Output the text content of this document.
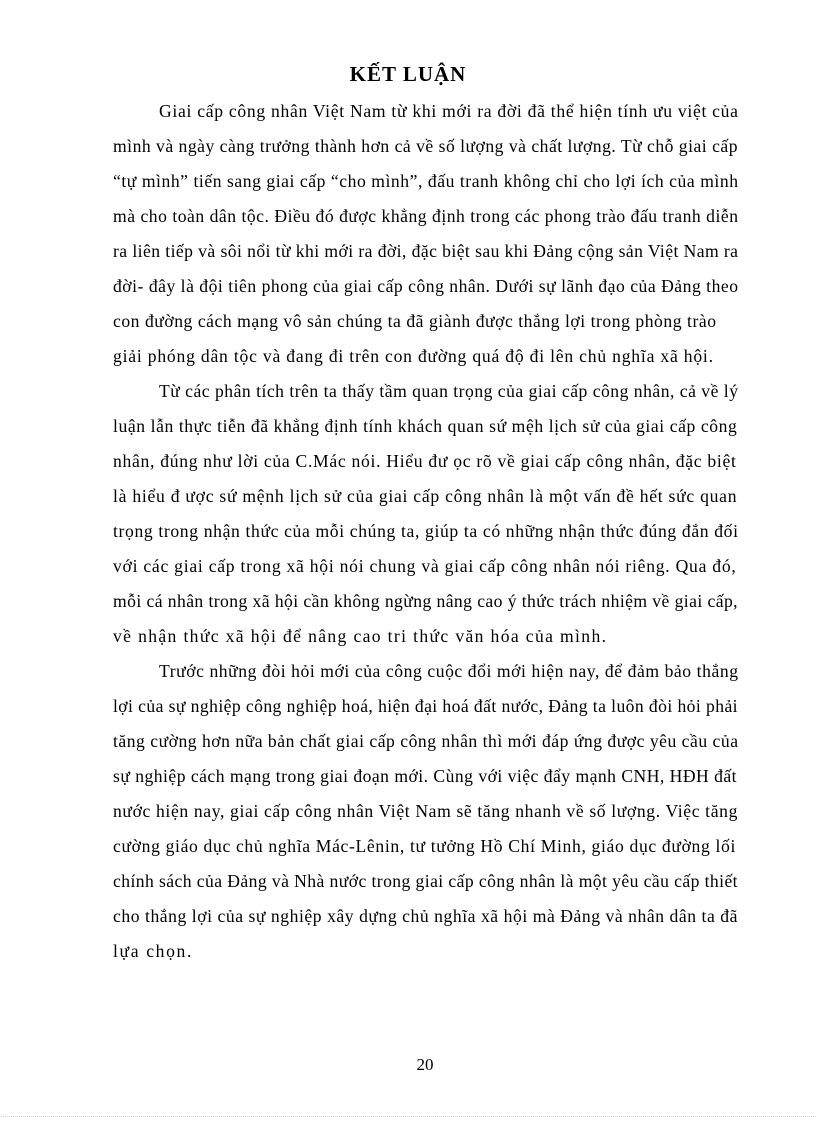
KẾT LUẬN
Giai cấp công nhân Việt Nam từ khi mới ra đời đã thể hiện tính ưu việt của
mình và ngày càng trưởng thành hơn cả về số lượng và chất lượng. Từ chỗ giai cấp
“tự mình” tiến sang giai cấp “cho mình”, đấu tranh không chỉ cho lợi ích của mình
mà cho toàn dân tộc. Điều đó được khẳng định trong các phong trào đấu tranh diễn
ra liên tiếp và sôi nổi từ khi mới ra đời, đặc biệt sau khi Đảng cộng sản Việt Nam ra
đời- đây là đội tiên phong của giai cấp công nhân. Dưới sự lãnh đạo của Đảng theo
con đường cách mạng vô sản chúng ta đã giành được thắng lợi trong phòng trào
giải phóng dân tộc và đang đi trên con đường quá độ đi lên chủ nghĩa xã hội.
Từ các phân tích trên ta thấy tầm quan trọng của giai cấp công nhân, cả về lý
luận lẫn thực tiễn đã khẳng định tính khách quan sứ mệh lịch sử của giai cấp công
nhân, đúng như lời của C.Mác nói. Hiểu đư ọc rõ về giai cấp công nhân, đặc biệt
là hiểu đ ược sứ mệnh lịch sử của giai cấp công nhân là một vấn đề hết sức quan
trọng trong nhận thức của mỗi chúng ta, giúp ta có những nhận thức đúng đắn đối
với các giai cấp trong xã hội nói chung và giai cấp công nhân nói riêng. Qua đó,
mỗi cá nhân trong xã hội cần không ngừng nâng cao ý thức trách nhiệm về giai cấp,
về nhận thức xã hội để nâng cao tri thức văn hóa của mình.
Trước những đòi hỏi mới của công cuộc đổi mới hiện nay, để đảm bảo thắng
lợi của sự nghiệp công nghiệp hoá, hiện đại hoá đất nước, Đảng ta luôn đòi hỏi phải
tăng cường hơn nữa bản chất giai cấp công nhân thì mới đáp ứng được yêu cầu của
sự nghiệp cách mạng trong giai đoạn mới. Cùng với việc đẩy mạnh CNH, HĐH đất
nước hiện nay, giai cấp công nhân Việt Nam sẽ tăng nhanh về số lượng. Việc tăng
cường giáo dục chủ nghĩa Mác-Lênin, tư tưởng Hồ Chí Minh, giáo dục đường lối
chính sách của Đảng và Nhà nước trong giai cấp công nhân là một yêu cầu cấp thiết
cho thắng lợi của sự nghiệp xây dựng chủ nghĩa xã hội mà Đảng và nhân dân ta đã
lựa chọn.
20
